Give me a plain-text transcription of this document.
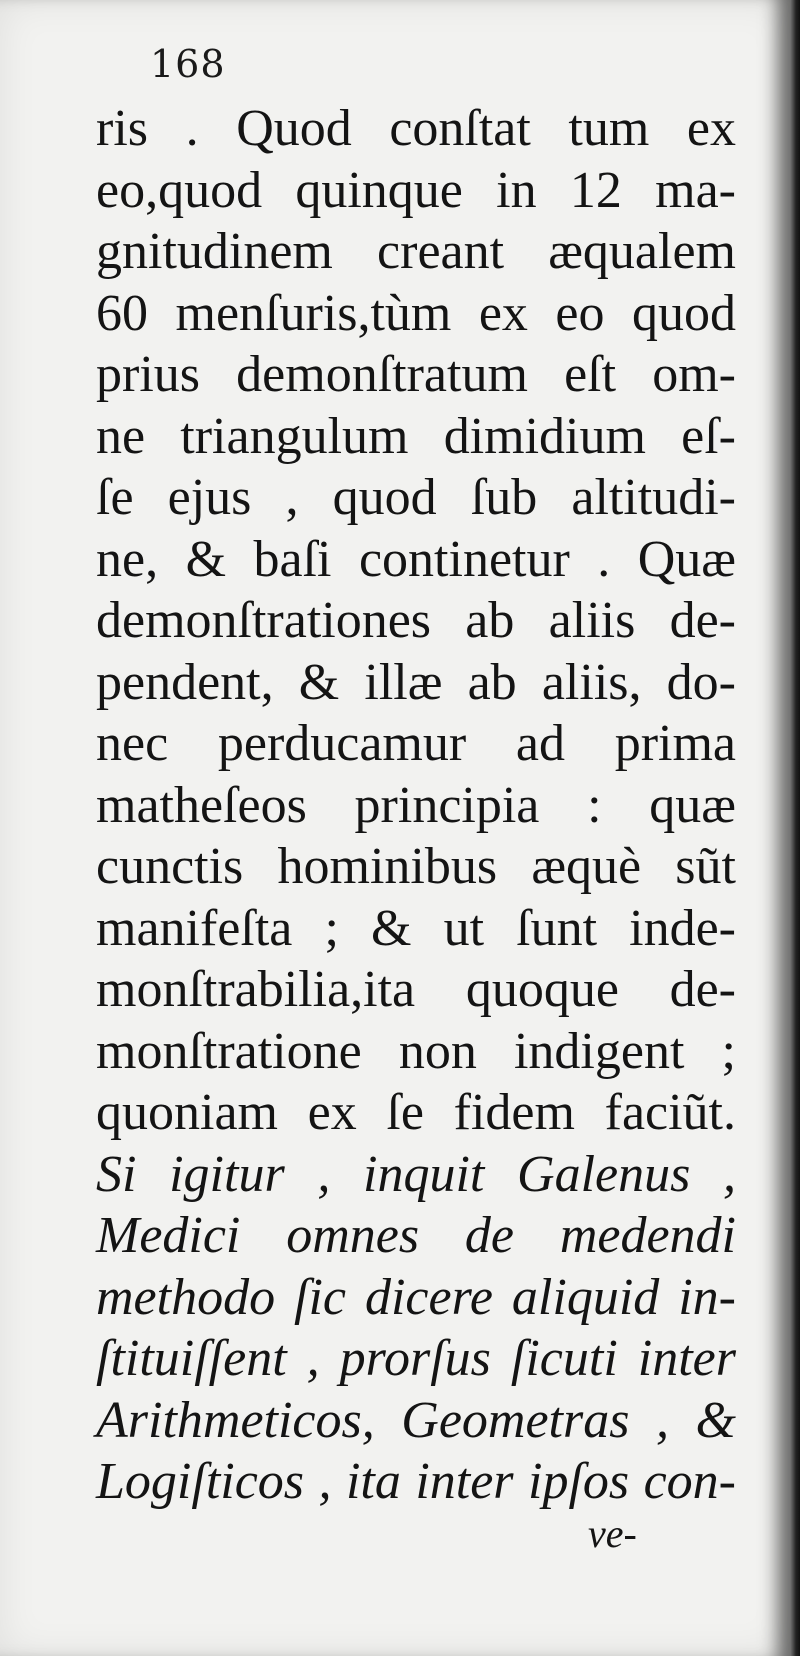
168
ris . Quod conſtat tum ex
eo,quod quinque in 12 ma-
gnitudinem creant æqualem
60 menſuris,tùm ex eo quod
prius demonſtratum eſt om-
ne triangulum dimidium eſ-
ſe ejus , quod ſub altitudi-
ne, & baſi continetur . Quæ
demonſtrationes ab aliis de-
pendent, & illæ ab aliis, do-
nec perducamur ad prima
matheſeos principia : quæ
cunctis hominibus æquè sũt
manifeſta ; & ut ſunt inde-
monſtrabilia,ita quoque de-
monſtratione non indigent ;
quoniam ex ſe fidem faciũt.
Si igitur , inquit Galenus ,
Medici omnes de medendi
methodo ſic dicere aliquid in-
ſtituiſſent , prorſus ſicuti inter
Arithmeticos, Geometras , &
Logiſticos , ita inter ipſos con-
ve-
